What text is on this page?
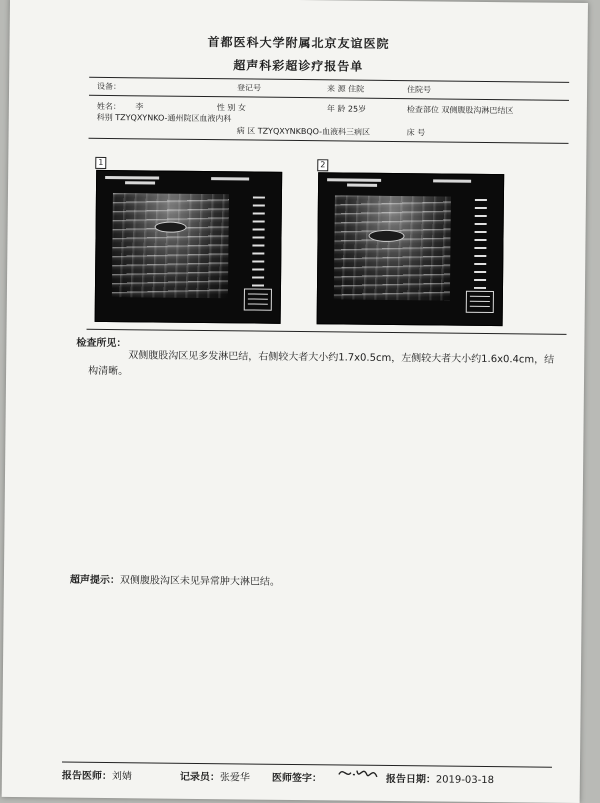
首都医科大学附属北京友谊医院
超声科彩超诊疗报告单
设备：	登记号	来 源 住院	住院号
姓名： 李	性 别 女	年 龄 25岁	检查部位 双侧腹股沟淋巴结区
科别 TZYQXYNKO-通州院区血液内科
病 区 TZYQXYNKBQO-血液科三病区	床 号
1	2
检查所见：
双侧腹股沟区见多发淋巴结，右侧较大者大小约1.7x0.5cm，左侧较大者大小约1.6x0.4cm，结构清晰。
超声提示：双侧腹股沟区未见异常肿大淋巴结。
报告医师：刘婧	记录员：张爱华 医师签字：	报告日期：2019-03-18
